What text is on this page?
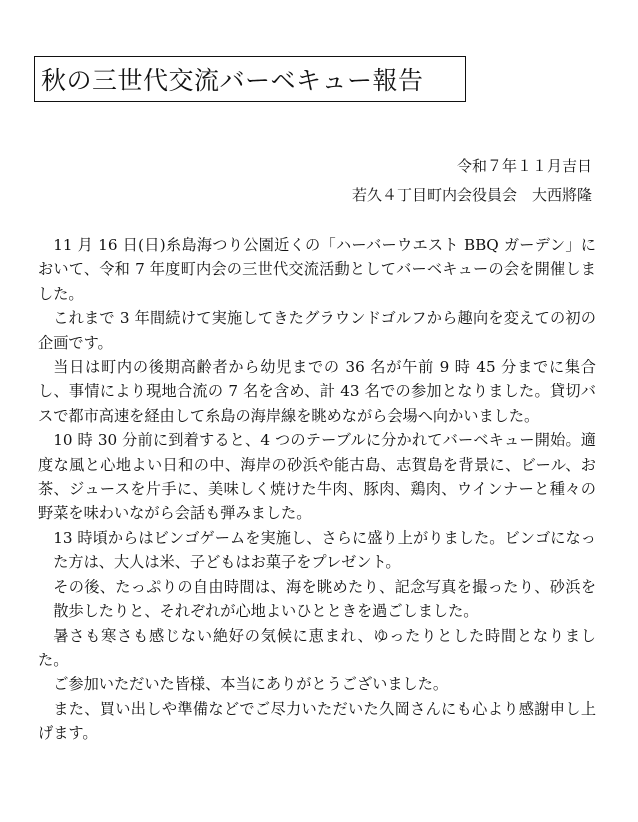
秋の三世代交流バーベキュー報告
令和７年１１月吉日
若久４丁目町内会役員会　大西將隆

11 月 16 日(日)糸島海つり公園近くの「ハーバーウエスト BBQ ガーデン」において、令和 7 年度町内会の三世代交流活動としてバーベキューの会を開催しました。

これまで 3 年間続けて実施してきたグラウンドゴルフから趣向を変えての初の企画です。

当日は町内の後期高齢者から幼児までの 36 名が午前 9 時 45 分までに集合し、事情により現地合流の 7 名を含め、計 43 名での参加となりました。貸切バスで都市高速を経由して糸島の海岸線を眺めながら会場へ向かいました。

10 時 30 分前に到着すると、4 つのテーブルに分かれてバーベキュー開始。適度な風と心地よい日和の中、海岸の砂浜や能古島、志賀島を背景に、ビール、お茶、ジュースを片手に、美味しく焼けた牛肉、豚肉、鶏肉、ウインナーと種々の野菜を味わいながら会話も弾みました。

13 時頃からはビンゴゲームを実施し、さらに盛り上がりました。ビンゴになった方は、大人は米、子どもはお菓子をプレゼント。

その後、たっぷりの自由時間は、海を眺めたり、記念写真を撮ったり、砂浜を散歩したりと、それぞれが心地よいひとときを過ごしました。

暑さも寒さも感じない絶好の気候に恵まれ、ゆったりとした時間となりました。

ご参加いただいた皆様、本当にありがとうございました。

また、買い出しや準備などでご尽力いただいた久岡さんにも心より感謝申し上げます。
